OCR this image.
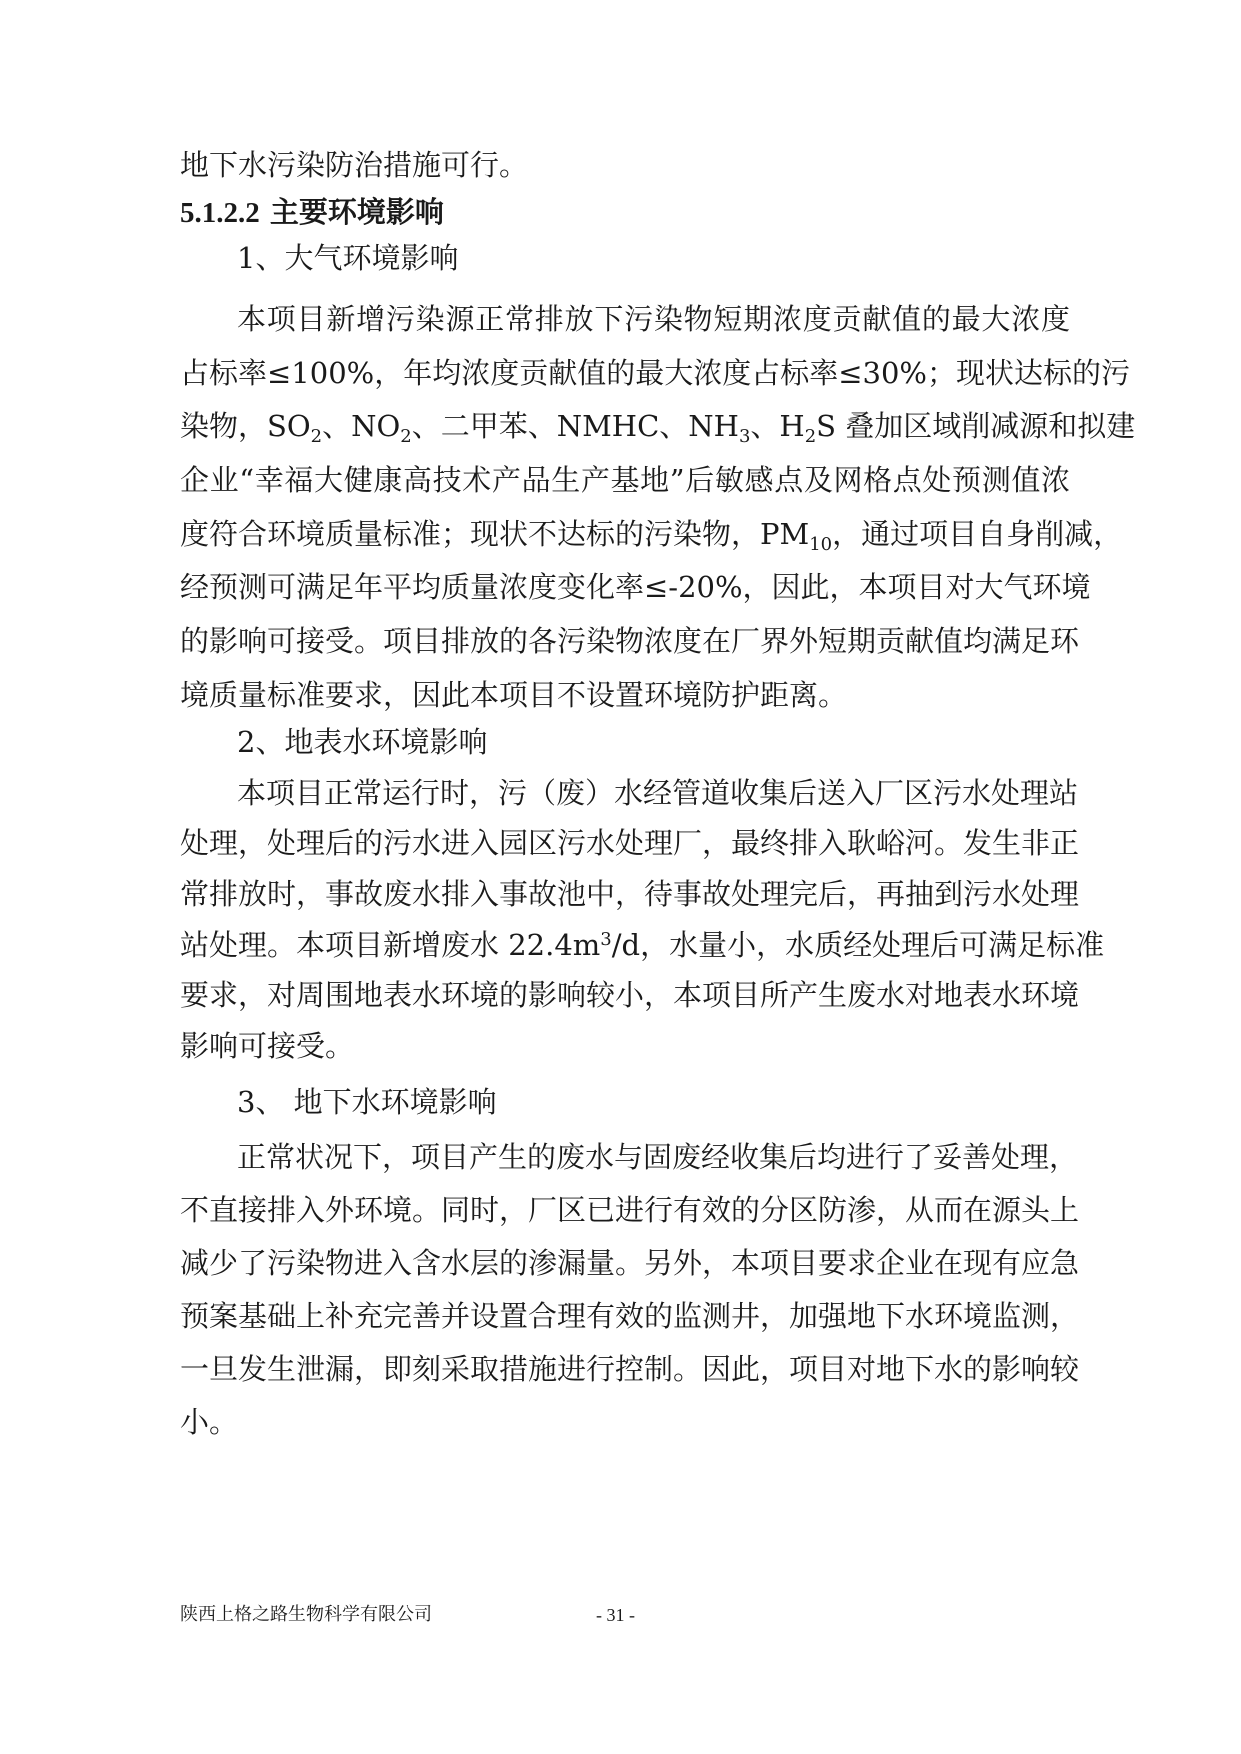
地下水污染防治措施可行。
5.1.2.2 主要环境影响
1、大气环境影响
本项目新增污染源正常排放下污染物短期浓度贡献值的最大浓度
占标率≤100%，年均浓度贡献值的最大浓度占标率≤30%；现状达标的污
染物，$SO_2$、$NO_2$、二甲苯、NMHC、$NH_3$、$H_2S$ 叠加区域削减源和拟建
企业“幸福大健康高技术产品生产基地”后敏感点及网格点处预测值浓
度符合环境质量标准；现状不达标的污染物，$PM_{10}$，通过项目自身削减，
经预测可满足年平均质量浓度变化率≤-20%，因此，本项目对大气环境
的影响可接受。项目排放的各污染物浓度在厂界外短期贡献值均满足环
境质量标准要求，因此本项目不设置环境防护距离。
2、地表水环境影响
本项目正常运行时，污（废）水经管道收集后送入厂区污水处理站
处理，处理后的污水进入园区污水处理厂，最终排入耿峪河。发生非正
常排放时，事故废水排入事故池中，待事故处理完后，再抽到污水处理
站处理。本项目新增废水 $22.4m^3/d$，水量小，水质经处理后可满足标准
要求，对周围地表水环境的影响较小，本项目所产生废水对地表水环境
影响可接受。
3、 地下水环境影响
正常状况下，项目产生的废水与固废经收集后均进行了妥善处理，
不直接排入外环境。同时，厂区已进行有效的分区防渗，从而在源头上
减少了污染物进入含水层的渗漏量。另外，本项目要求企业在现有应急
预案基础上补充完善并设置合理有效的监测井，加强地下水环境监测，
一旦发生泄漏，即刻采取措施进行控制。因此，项目对地下水的影响较
小。
陕西上格之路生物科学有限公司	- 31 -
